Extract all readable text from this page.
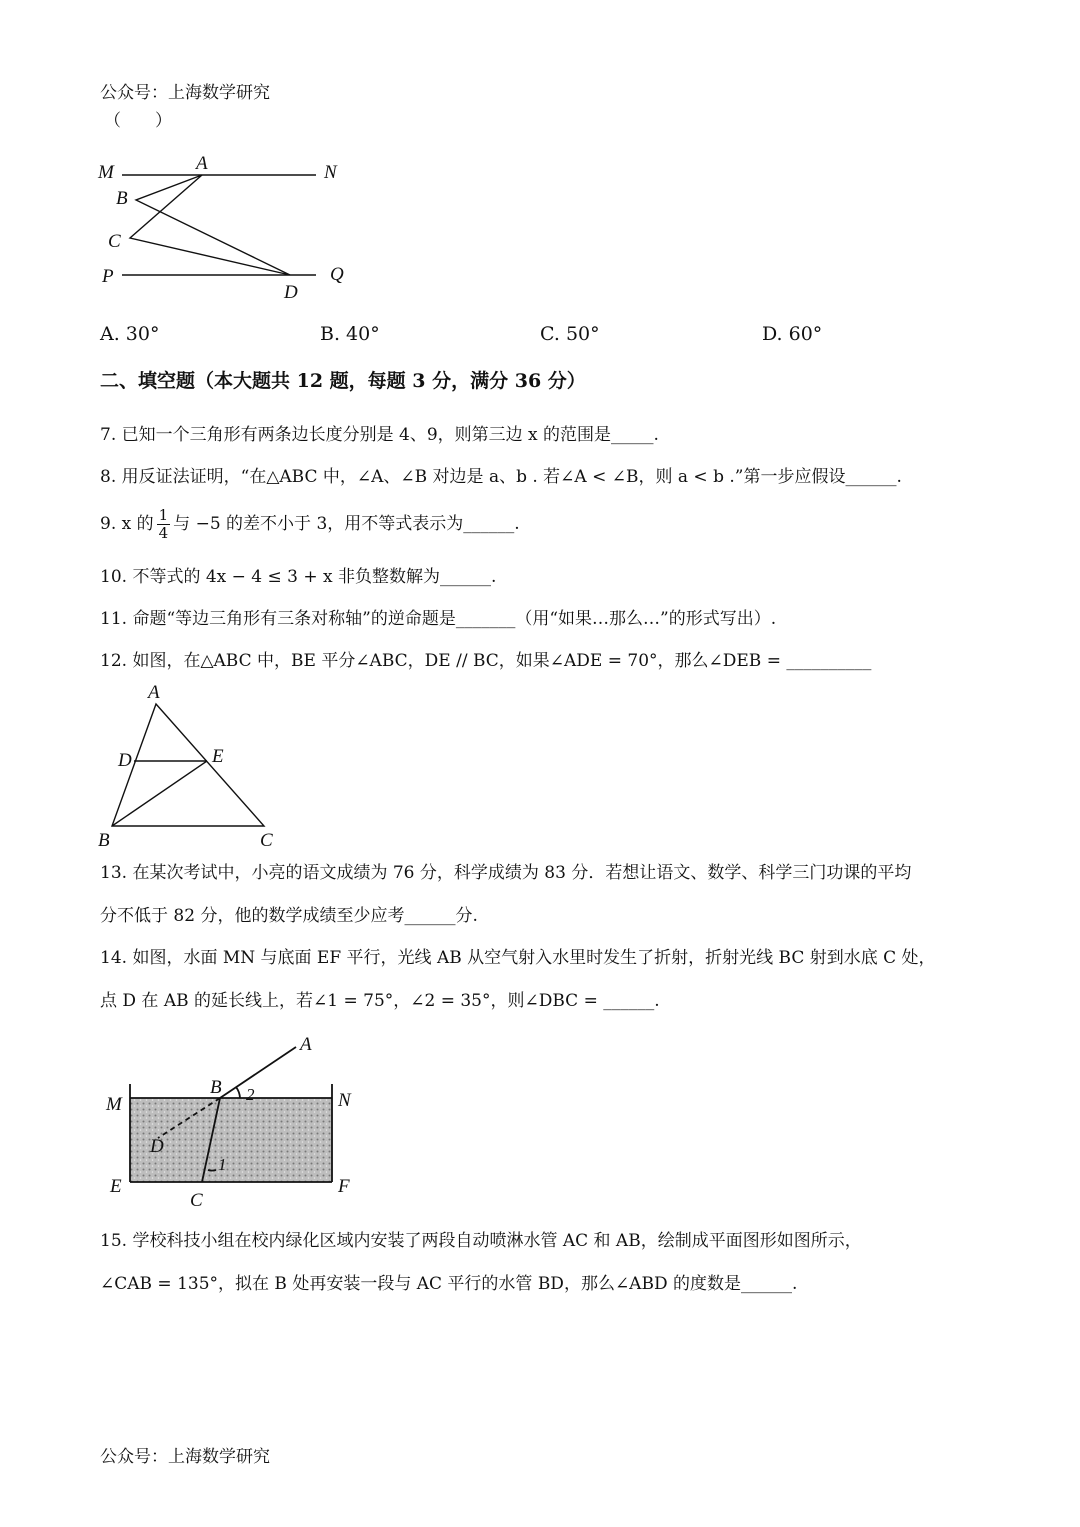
公众号：上海数学研究
（　　）
M	A	N
B
C
P
D
Q
A. 30°	B. 40°	C. 50°	D. 60°
二、填空题（本大题共 12 题，每题 3 分，满分 36 分）
7. 已知一个三角形有两条边长度分别是 4、9，则第三边 x 的范围是_____.
8. 用反证法证明，“在△ABC 中，∠A、∠B 对边是 a、b . 若∠A < ∠B，则 a < b .”第一步应假设______.
9. x 的 $\frac{1}{4}$ 与 −5 的差不小于 3，用不等式表示为______.
10. 不等式的 4x − 4 ≤ 3 + x 非负整数解为______.
11. 命题“等边三角形有三条对称轴”的逆命题是_______（用“如果…那么…”的形式写出）.
12. 如图，在△ABC 中，BE 平分∠ABC，DE // BC，如果∠ADE = 70°，那么∠DEB = __________
A
D	E
B	C
13. 在某次考试中，小亮的语文成绩为 76 分，科学成绩为 83 分．若想让语文、数学、科学三门功课的平均
分不低于 82 分，他的数学成绩至少应考______分.
14. 如图，水面 MN 与底面 EF 平行，光线 AB 从空气射入水里时发生了折射，折射光线 BC 射到水底 C 处，
点 D 在 AB 的延长线上，若∠1 = 75°，∠2 = 35°，则∠DBC = ______.
A
B 2
M	N
D
1
E
C
F
15. 学校科技小组在校内绿化区域内安装了两段自动喷淋水管 AC 和 AB，绘制成平面图形如图所示，
∠CAB = 135°，拟在 B 处再安装一段与 AC 平行的水管 BD，那么∠ABD 的度数是______.
公众号：上海数学研究
